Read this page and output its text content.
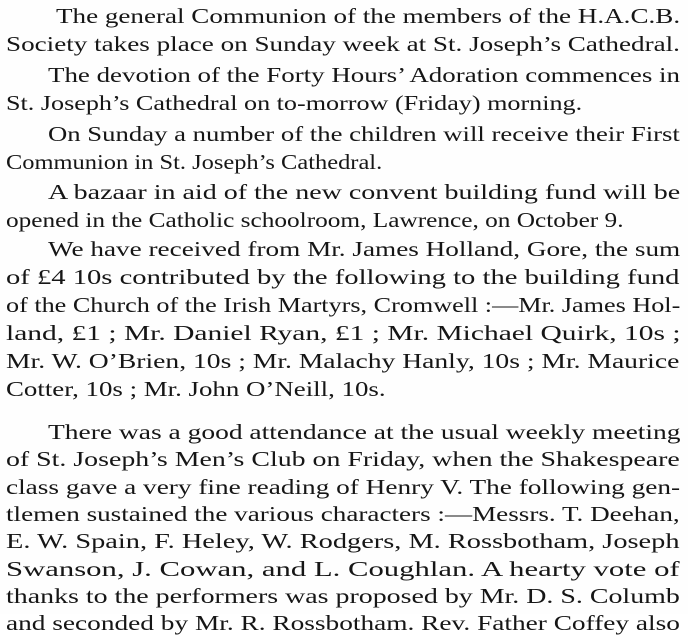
The general Communion of the members of the H.A.C.B.
Society takes place on Sunday week at St. Joseph’s Cathedral.
The devotion of the Forty Hours’ Adoration commences in
St. Joseph’s Cathedral on to-morrow (Friday) morning.
On Sunday a number of the children will receive their First
Communion in St. Joseph’s Cathedral.
A bazaar in aid of the new convent building fund will be
opened in the Catholic schoolroom, Lawrence, on October 9.
We have received from Mr. James Holland, Gore, the sum
of £4 10s contributed by the following to the building fund
of the Church of the Irish Martyrs, Cromwell :—Mr. James Hol-
land, £1 ; Mr. Daniel Ryan, £1 ; Mr. Michael Quirk, 10s ;
Mr. W. O’Brien, 10s ; Mr. Malachy Hanly, 10s ; Mr. Maurice
Cotter, 10s ; Mr. John O’Neill, 10s.
There was a good attendance at the usual weekly meeting
of St. Joseph’s Men’s Club on Friday, when the Shakespeare
class gave a very fine reading of Henry V. The following gen-
tlemen sustained the various characters :—Messrs. T. Deehan,
E. W. Spain, F. Heley, W. Rodgers, M. Rossbotham, Joseph
Swanson, J. Cowan, and L. Coughlan. A hearty vote of
thanks to the performers was proposed by Mr. D. S. Columb
and seconded by Mr. R. Rossbotham. Rev. Father Coffey also
